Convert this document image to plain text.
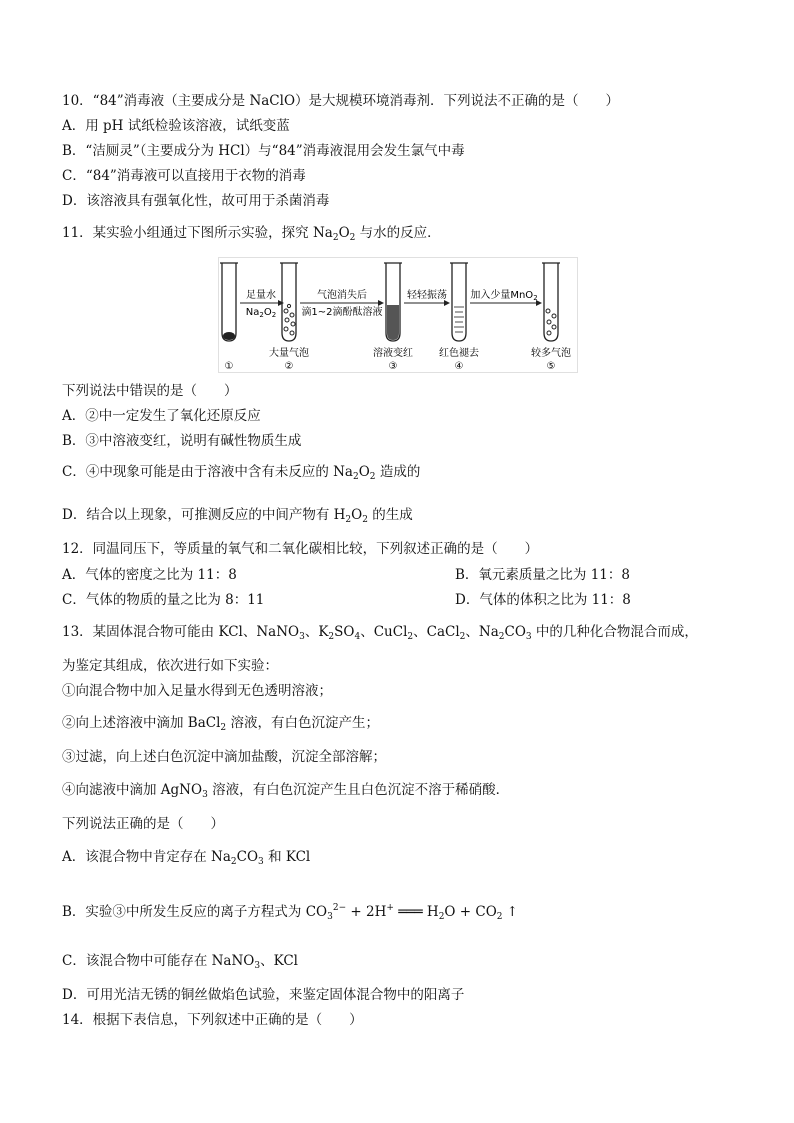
10．“84”消毒液（主要成分是 NaClO）是大规模环境消毒剂．下列说法不正确的是（　　）
A．用 pH 试纸检验该溶液，试纸变蓝
B．“洁厕灵”（主要成分为 HCl）与“84”消毒液混用会发生氯气中毒
C．“84”消毒液可以直接用于衣物的消毒
D．该溶液具有强氧化性，故可用于杀菌消毒
11．某实验小组通过下图所示实验，探究 $Na_2O_2$ 与水的反应．
足量水
$Na_2O_2$
气泡消失后
滴1~2滴酚酞溶液
轻轻振荡 加入少量MnO$_2$
大量气泡	溶液变红	红色褪去	较多气泡
①	②	③	④	⑤
下列说法中错误的是（　　）
A．②中一定发生了氧化还原反应
B．③中溶液变红，说明有碱性物质生成
C．④中现象可能是由于溶液中含有未反应的 $Na_2O_2$ 造成的
D．结合以上现象，可推测反应的中间产物有 $H_2O_2$ 的生成
12．同温同压下，等质量的氧气和二氧化碳相比较，下列叙述正确的是（　　）
A．气体的密度之比为 11：8	B．氧元素质量之比为 11：8
C．气体的物质的量之比为 8：11	D．气体的体积之比为 11：8
13．某固体混合物可能由 KCl、NaNO$_3$、$K_2SO_4$、CuCl$_2$、CaCl$_2$、$Na_2CO_3$ 中的几种化合物混合而成，
为鉴定其组成，依次进行如下实验：
①向混合物中加入足量水得到无色透明溶液；
②向上述溶液中滴加 BaCl$_2$ 溶液，有白色沉淀产生；
③过滤，向上述白色沉淀中滴加盐酸，沉淀全部溶解；
④向滤液中滴加 AgNO$_3$ 溶液，有白色沉淀产生且白色沉淀不溶于稀硝酸．
下列说法正确的是（　　）
A．该混合物中肯定存在 $Na_2CO_3$ 和 KCl
B．实验③中所发生反应的离子方程式为 $CO_3^{2-} + 2H^+$ ═══ $H_2O + CO_2$ ↑
C．该混合物中可能存在 NaNO$_3$、KCl
D．可用光洁无锈的铜丝做焰色试验，来鉴定固体混合物中的阳离子
14．根据下表信息，下列叙述中正确的是（　　）
